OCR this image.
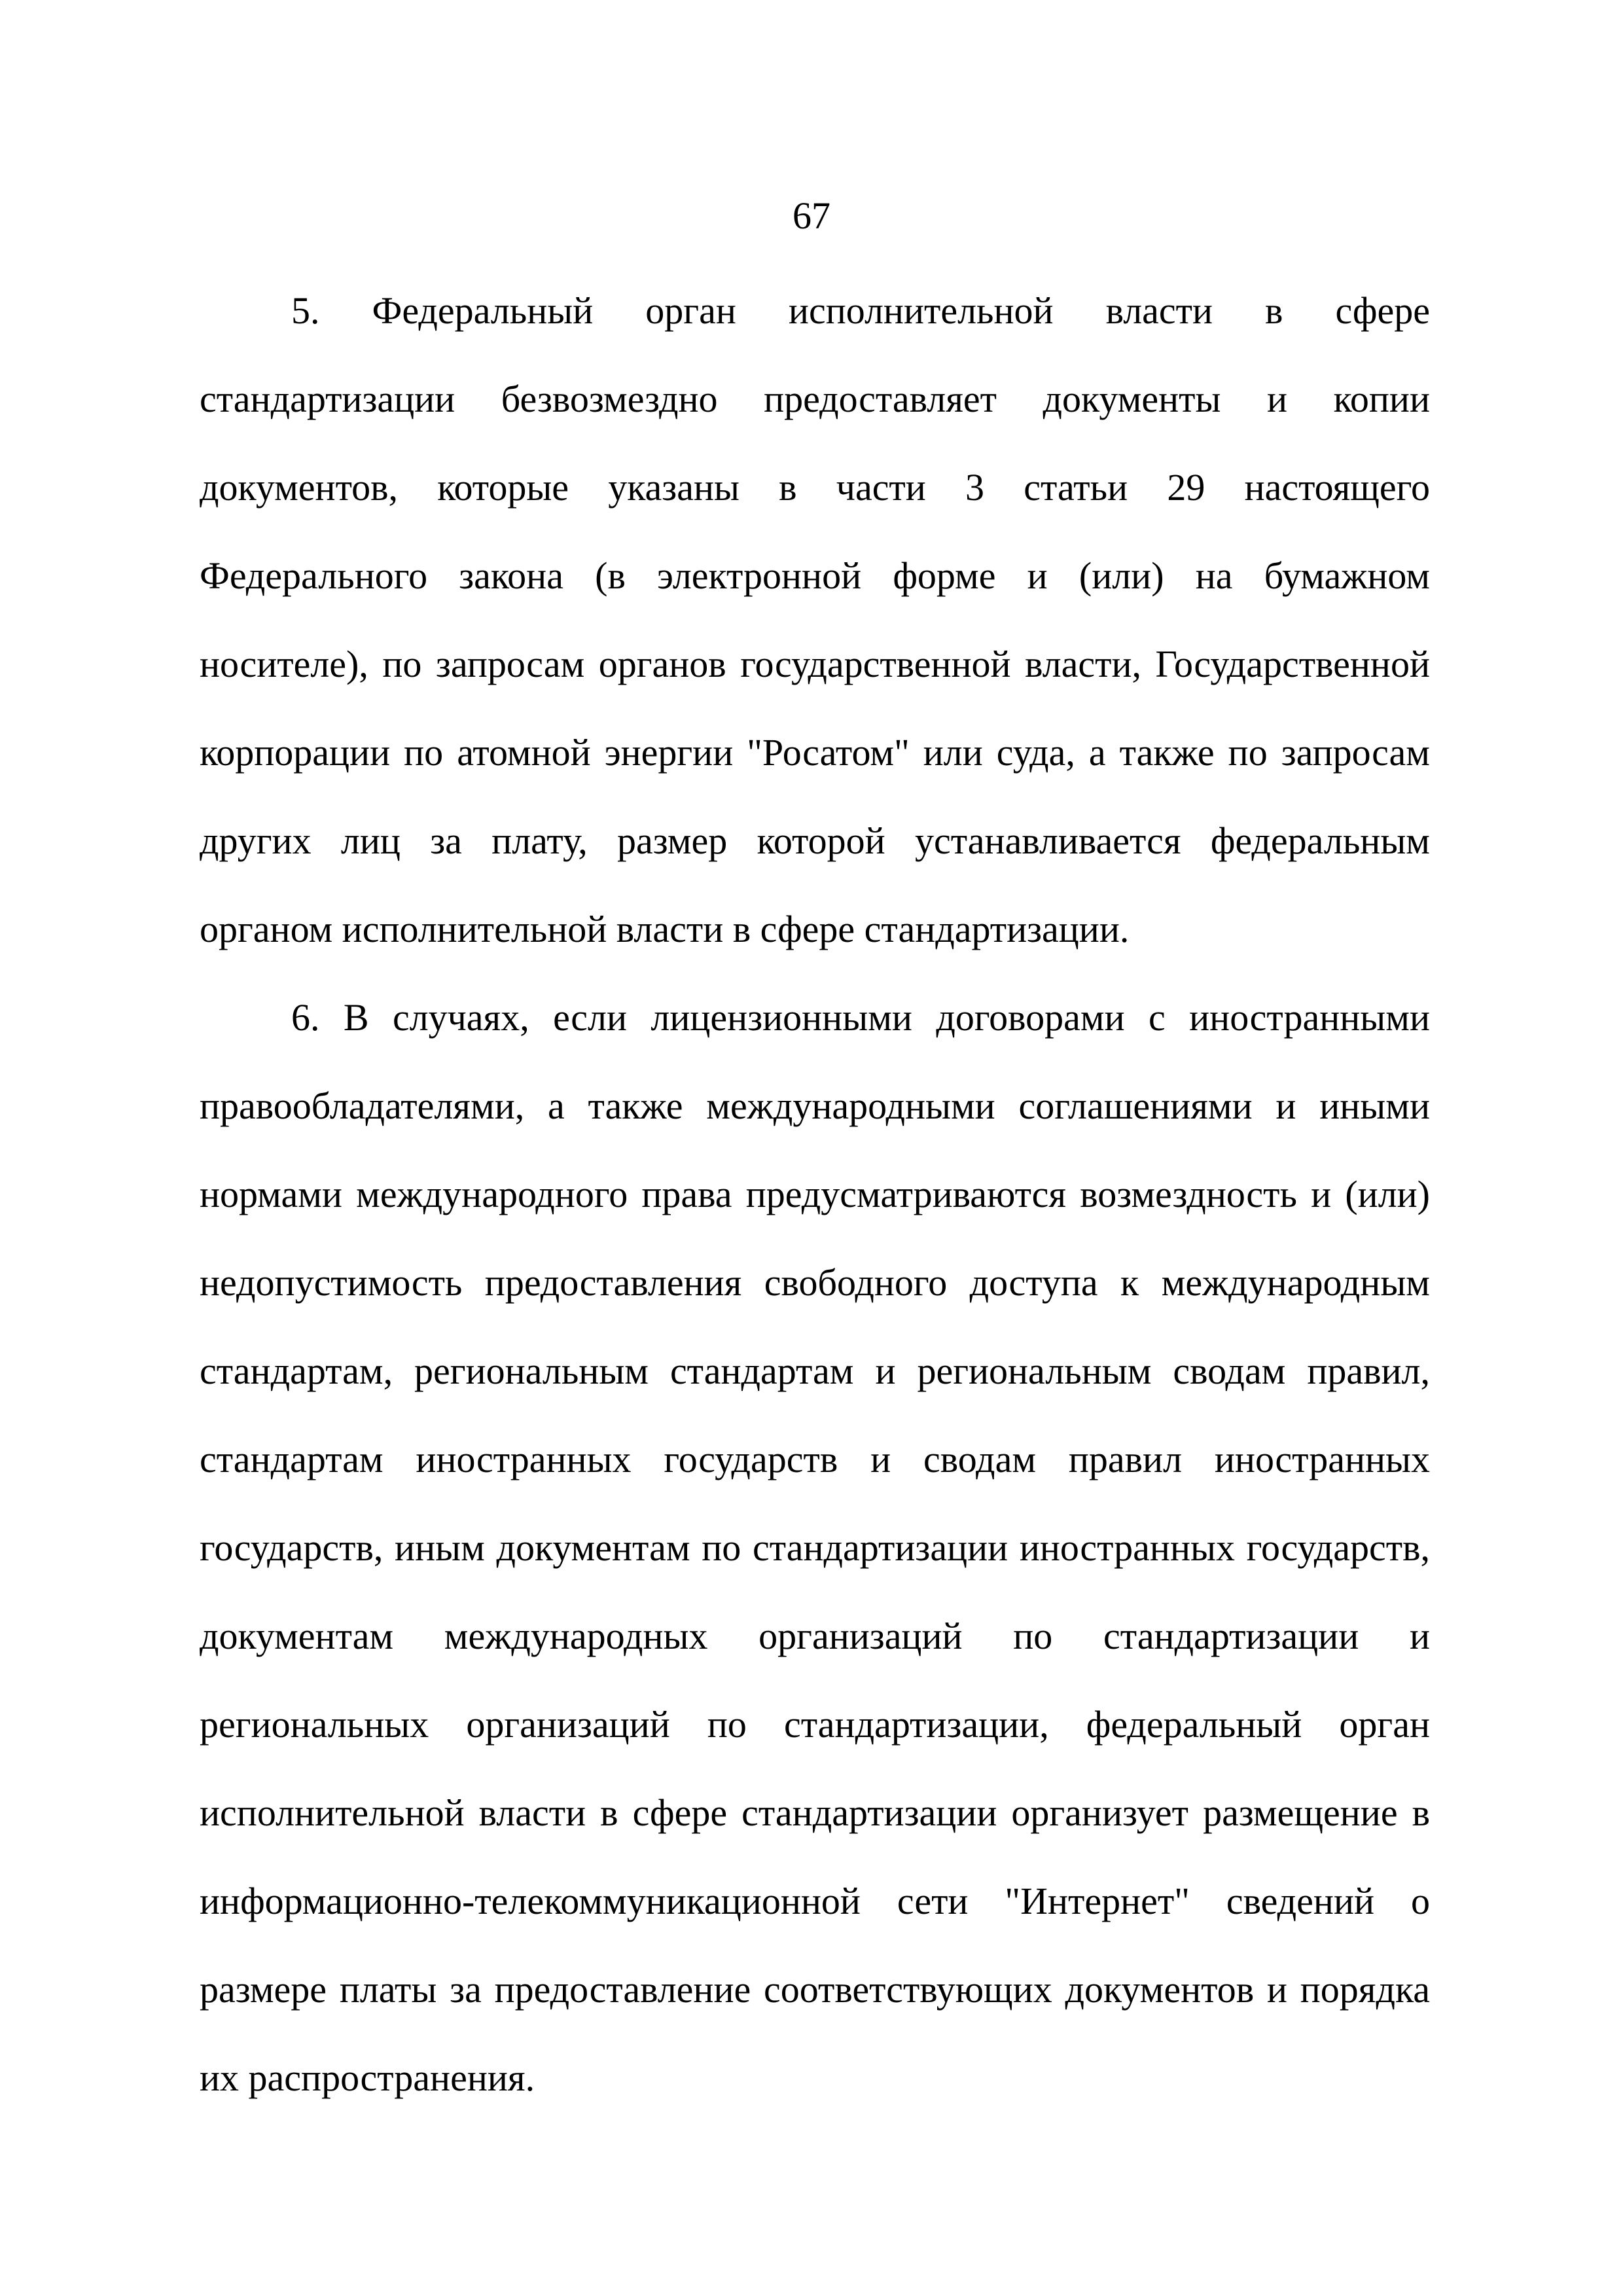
67
5. Федеральный орган исполнительной власти в сфере
стандартизации безвозмездно предоставляет документы и копии
документов, которые указаны в части 3 статьи 29 настоящего
Федерального закона (в электронной форме и (или) на бумажном
носителе), по запросам органов государственной власти, Государственной
корпорации по атомной энергии "Росатом" или суда, а также по запросам
других лиц за плату, размер которой устанавливается федеральным
органом исполнительной власти в сфере стандартизации.
6. В случаях, если лицензионными договорами с иностранными
правообладателями, а также международными соглашениями и иными
нормами международного права предусматриваются возмездность и (или)
недопустимость предоставления свободного доступа к международным
стандартам, региональным стандартам и региональным сводам правил,
стандартам иностранных государств и сводам правил иностранных
государств, иным документам по стандартизации иностранных государств,
документам международных организаций по стандартизации и
региональных организаций по стандартизации, федеральный орган
исполнительной власти в сфере стандартизации организует размещение в
информационно-телекоммуникационной сети "Интернет" сведений о
размере платы за предоставление соответствующих документов и порядка
их распространения.
